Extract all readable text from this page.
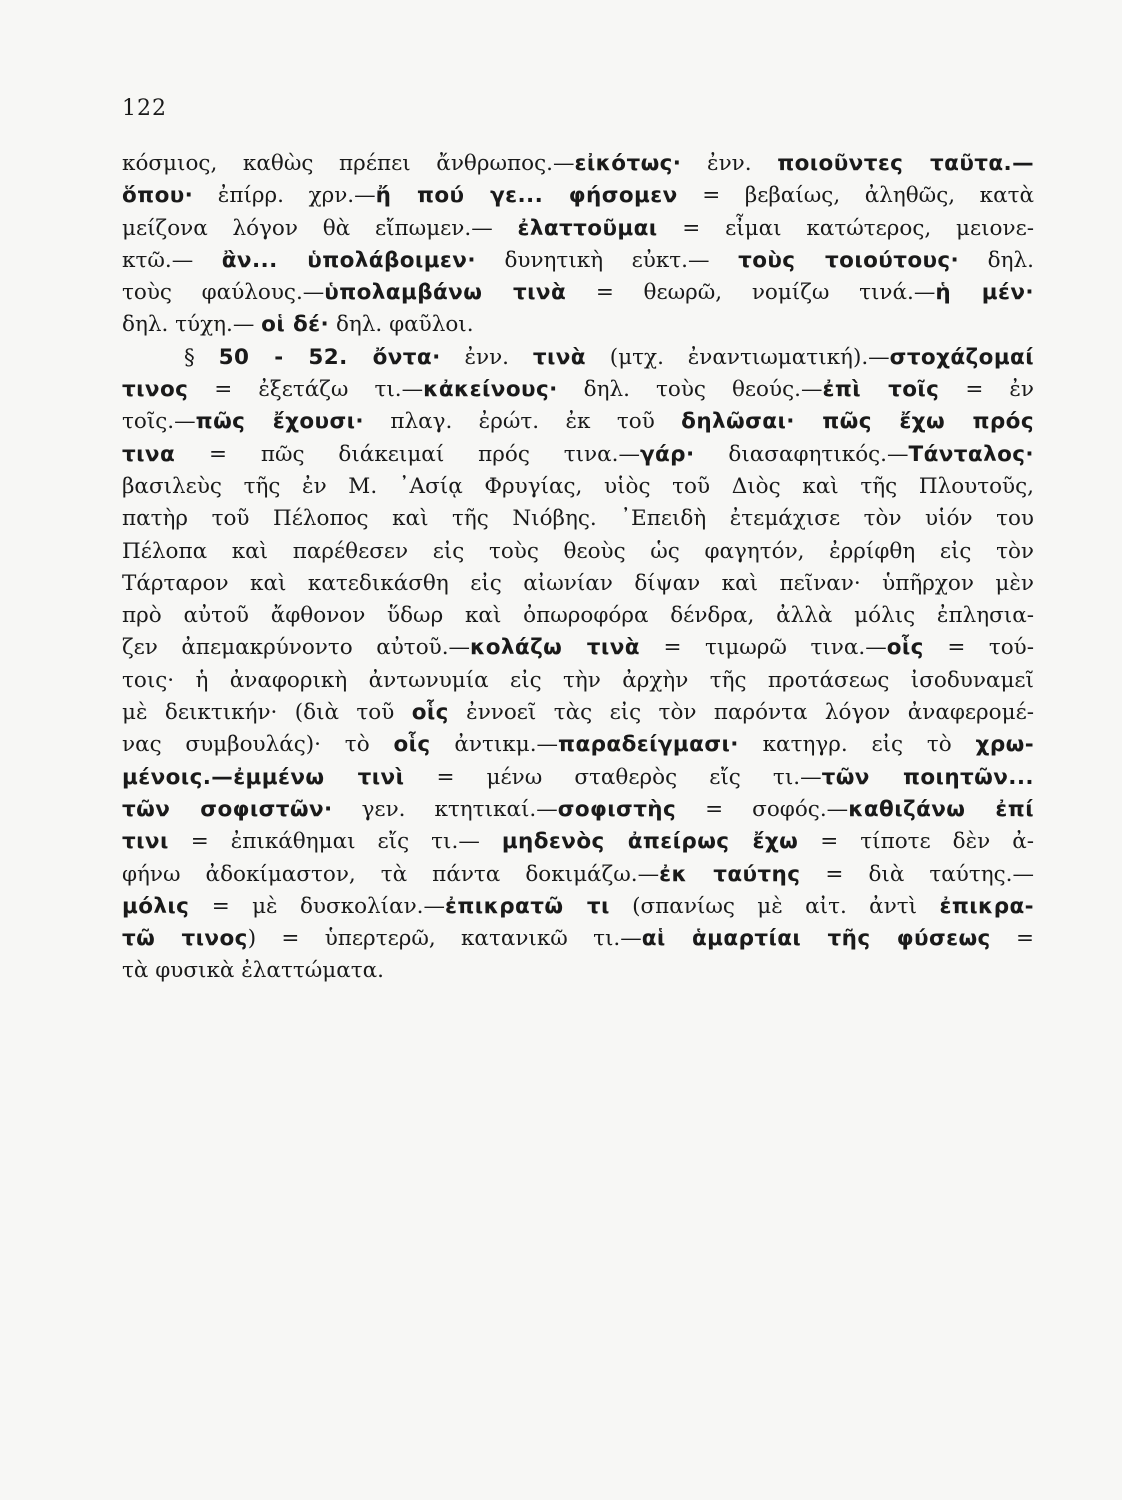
122
κόσμιος, καθὼς πρέπει ἄνθρωπος.—εἰκότως· ἐνν. ποιοῦντες ταῦτα.—
ὅπου· ἐπίρρ. χρν.—ἤ πού γε... φήσομεν = βεβαίως, ἀληθῶς, κατὰ
μείζονα λόγον θὰ εἴπωμεν.— ἐλαττοῦμαι = εἶμαι κατώτερος, μειονε-
κτῶ.— ἂν... ὑπολάβοιμεν· δυνητικὴ εὐκτ.— τοὺς τοιούτους· δηλ.
τοὺς φαύλους.—ὑπολαμβάνω τινὰ = θεωρῶ, νομίζω τινά.—ἡ μέν·
δηλ. τύχη.— οἱ δέ· δηλ. φαῦλοι.
§ 50 - 52. ὄντα· ἐνν. τινὰ (μτχ. ἐναντιωματική).—στοχάζομαί
τινος = ἐξετάζω τι.—κἀκείνους· δηλ. τοὺς θεούς.—ἐπὶ τοῖς = ἐν
τοῖς.—πῶς ἔχουσι· πλαγ. ἐρώτ. ἐκ τοῦ δηλῶσαι· πῶς ἔχω πρός
τινα = πῶς διάκειμαί πρός τινα.—γάρ· διασαφητικός.—Τάνταλος·
βασιλεὺς τῆς ἐν Μ. ᾿Ασίᾳ Φρυγίας, υἱὸς τοῦ Διὸς καὶ τῆς Πλουτοῦς,
πατὴρ τοῦ Πέλοπος καὶ τῆς Νιόβης. ᾿Επειδὴ ἐτεμάχισε τὸν υἱόν του
Πέλοπα καὶ παρέθεσεν εἰς τοὺς θεοὺς ὡς φαγητόν, ἐρρίφθη εἰς τὸν
Τάρταρον καὶ κατεδικάσθη εἰς αἰωνίαν δίψαν καὶ πεῖναν· ὑπῆρχον μὲν
πρὸ αὐτοῦ ἄφθονον ὕδωρ καὶ ὀπωροφόρα δένδρα, ἀλλὰ μόλις ἐπλησια-
ζεν ἀπεμακρύνοντο αὐτοῦ.—κολάζω τινὰ = τιμωρῶ τινα.—οἷς = τού-
τοις· ἡ ἀναφορικὴ ἀντωνυμία εἰς τὴν ἀρχὴν τῆς προτάσεως ἰσοδυναμεῖ
μὲ δεικτικήν· (διὰ τοῦ οἷς ἐννοεῖ τὰς εἰς τὸν παρόντα λόγον ἀναφερομέ-
νας συμβουλάς)· τὸ οἷς ἀντικμ.—παραδείγμασι· κατηγρ. εἰς τὸ χρω-
μένοις.—ἐμμένω τινὶ = μένω σταθερὸς εἴς τι.—τῶν ποιητῶν...
τῶν σοφιστῶν· γεν. κτητικαί.—σοφιστὴς = σοφός.—καθιζάνω ἐπί
τινι = ἐπικάθημαι εἴς τι.— μηδενὸς ἀπείρως ἔχω = τίποτε δὲν ἀ-
φήνω ἀδοκίμαστον, τὰ πάντα δοκιμάζω.—ἐκ ταύτης = διὰ ταύτης.—
μόλις = μὲ δυσκολίαν.—ἐπικρατῶ τι (σπανίως μὲ αἰτ. ἀντὶ ἐπικρα-
τῶ τινος) = ὑπερτερῶ, κατανικῶ τι.—αἱ ἁμαρτίαι τῆς φύσεως =
τὰ φυσικὰ ἐλαττώματα.
